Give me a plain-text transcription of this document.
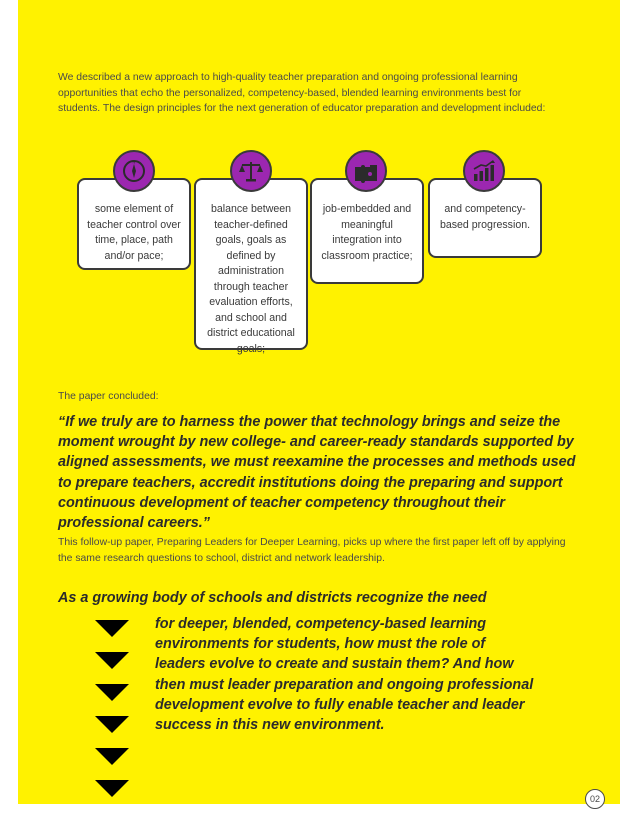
We described a new approach to high-quality teacher preparation and ongoing professional learning opportunities that echo the personalized, competency-based, blended learning environments best for students. The design principles for the next generation of educator preparation and development included:

some element of teacher control over time, place, path and/or pace;
balance between teacher-defined goals, goals as defined by administration through teacher evaluation efforts, and school and district educational goals;
job-embedded and meaningful integration into classroom practice;
and competency-based progression.
N

The paper concluded:

“If we truly are to harness the power that technology brings and seize the moment wrought by new college- and career-ready standards supported by aligned assessments, we must reexamine the processes and methods used to prepare teachers, accredit institutions doing the preparing and support continuous development of teacher competency throughout their professional careers.”

This follow-up paper, Preparing Leaders for Deeper Learning, picks up where the first paper left off by applying the same research questions to school, district and network leadership.

As a growing body of schools and districts recognize the need

for deeper, blended, competency-based learning environments for students, how must the role of leaders evolve to create and sustain them? And how then must leader preparation and ongoing professional development evolve to fully enable teacher and leader success in this new environment.

02
